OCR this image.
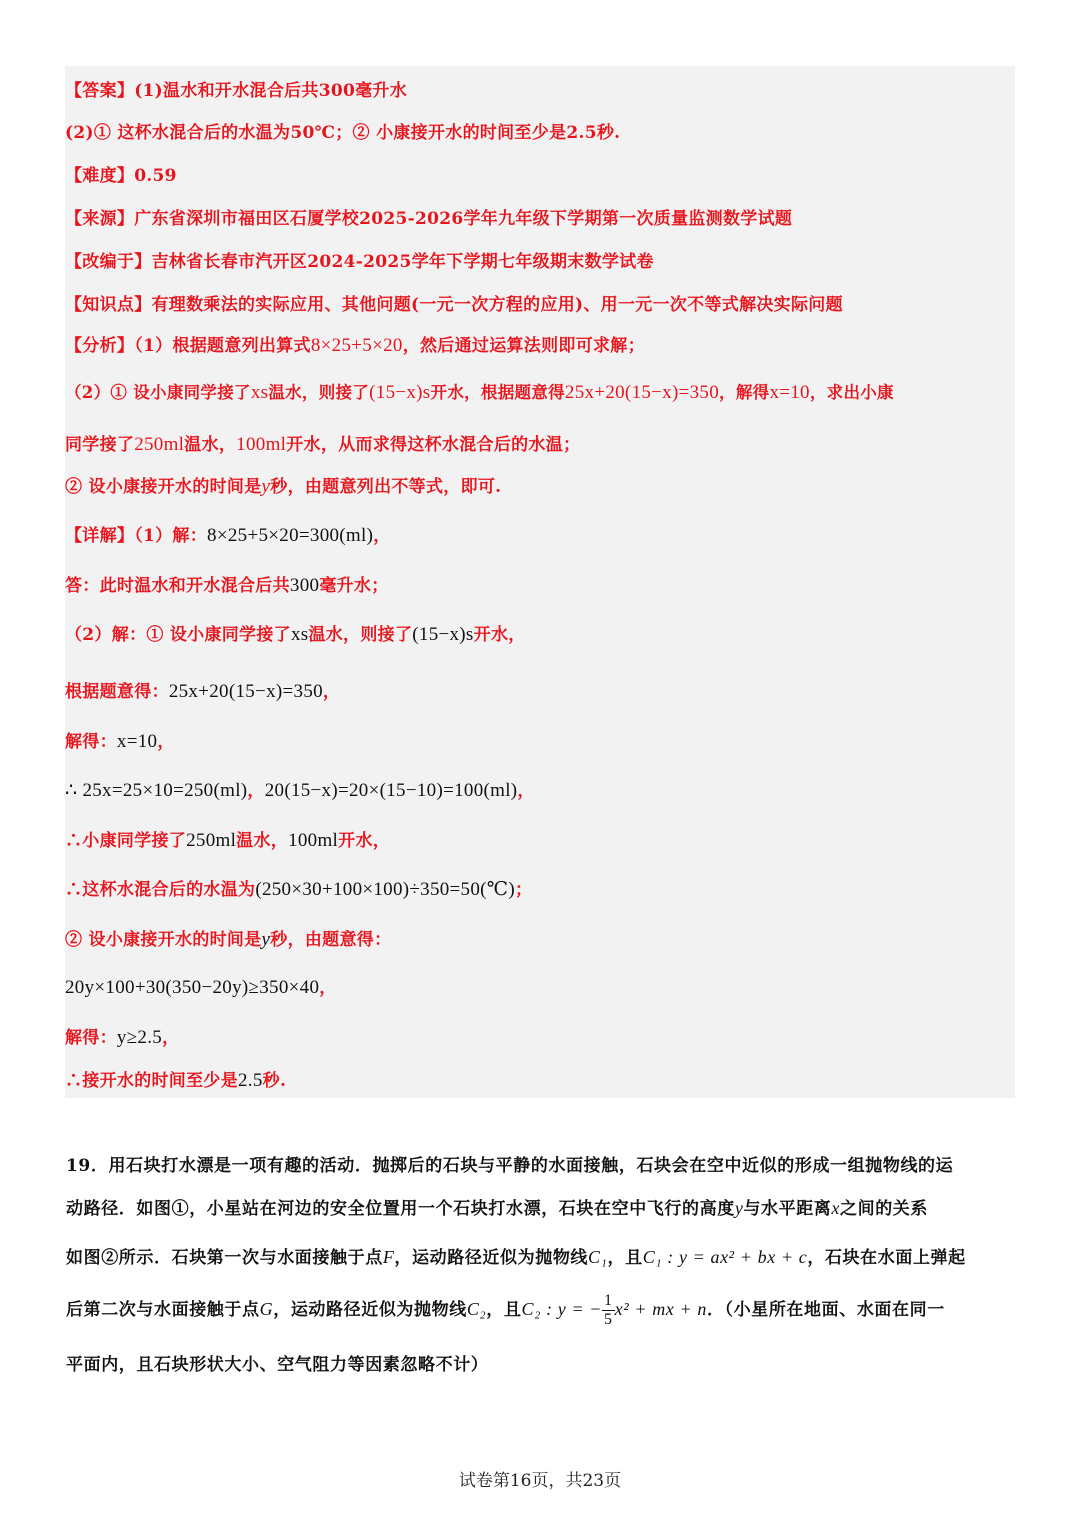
【答案】(1)温水和开水混合后共300毫升水
(2)① 这杯水混合后的水温为50℃；② 小康接开水的时间至少是2.5秒.
【难度】0.59
【来源】广东省深圳市福田区石厦学校2025-2026学年九年级下学期第一次质量监测数学试题
【改编于】吉林省长春市汽开区2024-2025学年下学期七年级期末数学试卷
【知识点】有理数乘法的实际应用、其他问题(一元一次方程的应用)、用一元一次不等式解决实际问题
【分析】（1）根据题意列出算式8×25+5×20，然后通过运算法则即可求解；
（2）① 设小康同学接了xs温水，则接了(15−x)s开水，根据题意得25x+20(15−x)=350，解得x=10，求出小康
同学接了250ml温水，100ml开水，从而求得这杯水混合后的水温；
② 设小康接开水的时间是y秒，由题意列出不等式，即可.
【详解】（1）解：8×25+5×20=300(ml)，
答：此时温水和开水混合后共300毫升水；
（2）解：① 设小康同学接了xs温水，则接了(15−x)s开水，
根据题意得：25x+20(15−x)=350，
解得：x=10，
∴ 25x=25×10=250(ml)，20(15−x)=20×(15−10)=100(ml)，
∴小康同学接了250ml温水，100ml开水，
∴这杯水混合后的水温为(250×30+100×100)÷350=50(℃)；
② 设小康接开水的时间是y秒，由题意得：
20y×100+30(350−20y)≥350×40，
解得：y≥2.5，
∴接开水的时间至少是2.5秒.
19．用石块打水漂是一项有趣的活动．抛掷后的石块与平静的水面接触，石块会在空中近似的形成一组抛物线的运
动路径．如图①，小星站在河边的安全位置用一个石块打水漂，石块在空中飞行的高度y与水平距离x之间的关系
如图②所示．石块第一次与水面接触于点F，运动路径近似为抛物线C₁，且C₁ : y = ax² + bx + c，石块在水面上弹起
后第二次与水面接触于点G，运动路径近似为抛物线C₂，且C₂ : y = − $\frac{1}{5} x^2$ + mx + n．（小星所在地面、水面在同一
平面内，且石块形状大小、空气阻力等因素忽略不计）
试卷第16页，共23页
